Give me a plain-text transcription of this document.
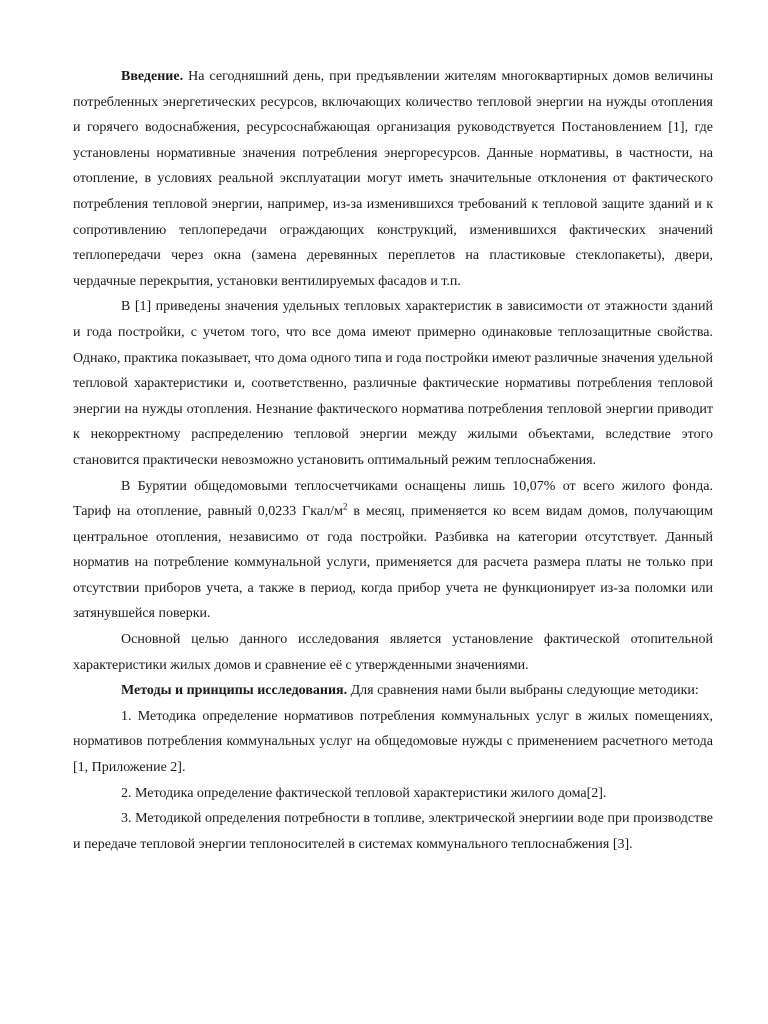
Введение. На сегодняшний день, при предъявлении жителям многоквартирных домов величины потребленных энергетических ресурсов, включающих количество тепловой энергии на нужды отопления и горячего водоснабжения, ресурсоснабжающая организация руководствуется Постановлением [1], где установлены нормативные значения потребления энергоресурсов. Данные нормативы, в частности, на отопление, в условиях реальной эксплуатации могут иметь значительные отклонения от фактического потребления тепловой энергии, например, из-за изменившихся требований к тепловой защите зданий и к сопротивлению теплопередачи ограждающих конструкций, изменившихся фактических значений теплопередачи через окна (замена деревянных переплетов на пластиковые стеклопакеты), двери, чердачные перекрытия, установки вентилируемых фасадов и т.п.

В [1] приведены значения удельных тепловых характеристик в зависимости от этажности зданий и года постройки, с учетом того, что все дома имеют примерно одинаковые теплозащитные свойства. Однако, практика показывает, что дома одного типа и года постройки имеют различные значения удельной тепловой характеристики и, соответственно, различные фактические нормативы потребления тепловой энергии на нужды отопления. Незнание фактического норматива потребления тепловой энергии приводит к некорректному распределению тепловой энергии между жилыми объектами, вследствие этого становится практически невозможно установить оптимальный режим теплоснабжения.

В Бурятии общедомовыми теплосчетчиками оснащены лишь 10,07% от всего жилого фонда. Тариф на отопление, равный 0,0233 Гкал/$м^2$ в месяц, применяется ко всем видам домов, получающим центральное отопления, независимо от года постройки. Разбивка на категории отсутствует. Данный норматив на потребление коммунальной услуги, применяется для расчета размера платы не только при отсутствии приборов учета, а также в период, когда прибор учета не функционирует из-за поломки или затянувшейся поверки.

Основной целью данного исследования является установление фактической отопительной характеристики жилых домов и сравнение её с утвержденными значениями.

Методы и принципы исследования. Для сравнения нами были выбраны следующие методики:

1. Методика определение нормативов потребления коммунальных услуг в жилых помещениях, нормативов потребления коммунальных услуг на общедомовые нужды с применением расчетного метода [1, Приложение 2].

2. Методика определение фактической тепловой характеристики жилого дома[2].

3. Методикой определения потребности в топливе, электрической энергиии воде при производстве и передаче тепловой энергии теплоносителей в системах коммунального теплоснабжения [3].
